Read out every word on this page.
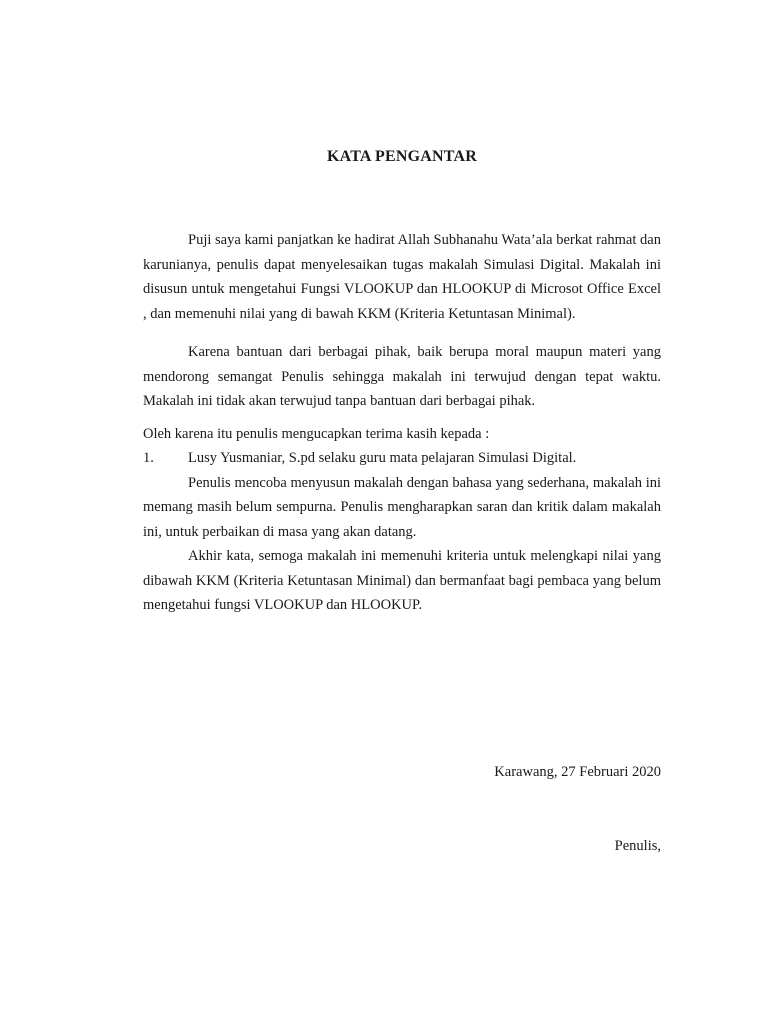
KATA PENGANTAR

Puji saya kami panjatkan ke hadirat Allah Subhanahu Wata’ala berkat rahmat dan karunianya, penulis dapat menyelesaikan tugas makalah Simulasi Digital. Makalah ini disusun untuk mengetahui Fungsi VLOOKUP dan HLOOKUP di Microsot Office Excel , dan memenuhi nilai yang di bawah KKM (Kriteria Ketuntasan Minimal).

Karena bantuan dari berbagai pihak, baik berupa moral maupun materi yang mendorong semangat Penulis sehingga makalah ini terwujud dengan tepat waktu. Makalah ini tidak akan terwujud tanpa bantuan dari berbagai pihak.

Oleh karena itu penulis mengucapkan terima kasih kepada :

1.	Lusy Yusmaniar, S.pd selaku guru mata pelajaran Simulasi Digital.

Penulis mencoba menyusun makalah dengan bahasa yang sederhana, makalah ini memang masih belum sempurna. Penulis mengharapkan saran dan kritik dalam makalah ini, untuk perbaikan di masa yang akan datang.

Akhir kata, semoga makalah ini memenuhi kriteria untuk melengkapi nilai yang dibawah KKM (Kriteria Ketuntasan Minimal) dan bermanfaat bagi pembaca yang belum mengetahui fungsi VLOOKUP dan HLOOKUP.

Karawang, 27 Februari 2020
Penulis,
